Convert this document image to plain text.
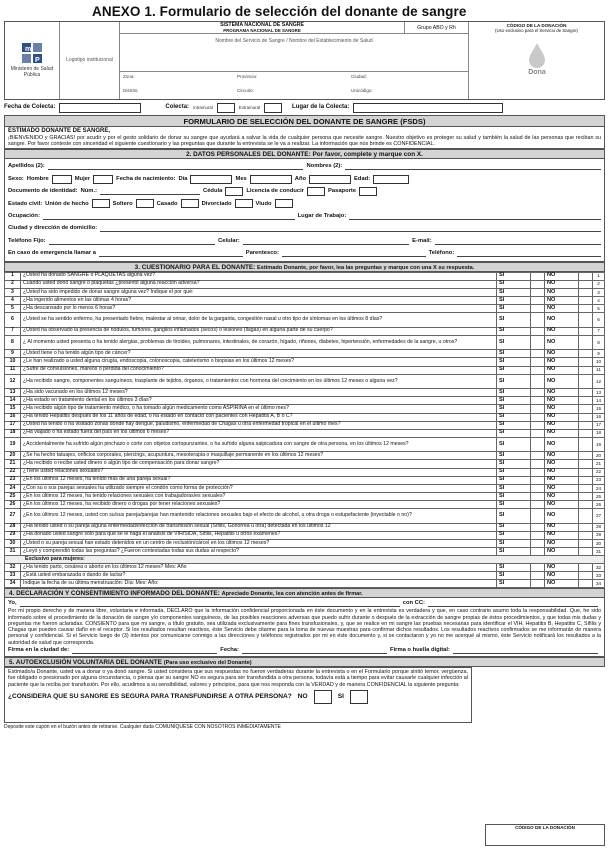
ANEXO 1. Formulario de selección del donante de sangre
m
P
Ministerio de Salud Pública
Logotipo institucional
SISTEMA NACIONAL DE SANGRE
PROGRAMA NACIONAL DE SANGRE	Grupo ABO y Rh
Nombre del Servicio de Sangre / Nombre del Establecimiento de Salud
Zona:	Provincia:	Ciudad:
Distrito:	Circuito:	Unicódigo:
CÓDIGO DE LA DONACIÓN
(Uso exclusivo para el Servicio de Sangre)
Dona
Fecha de Colecta:	Colecta: Intramural	Extramural	Lugar de la Colecta:
FORMULARIO DE SELECCIÓN DEL DONANTE DE SANGRE (FSDS)
ESTIMADO DONANTE DE SANGRE,
¡BIENVENIDO y GRACIAS! por acudir y por el gesto solidario de donar su sangre que ayudará a salvar la vida de cualquier persona que necesite sangre. Nuestro objetivo es proteger su salud y también la salud de las personas que reciban su sangre. Por favor conteste con sinceridad el siguiente cuestionario y las preguntas que durante la entrevista se le va a realizar. La información que nos brinde es CONFIDENCIAL.
2. DATOS PERSONALES DEL DONANTE: Por favor, complete y marque con X.
Apellidos (2):	Nombres (2):
Sexo: Hombre	Mujer	Fecha de nacimiento: Día	Mes	Año	Edad:
Documento de identidad: Núm.:	Cédula	Licencia de conducir	Pasaporte
Estado civil: Unión de hecho	Soltero	Casado	Divorciado	Viudo
Ocupación:	Lugar de Trabajo:
Ciudad y dirección de domicilio:
Teléfono Fijo:	Celular:	E-mail:
En caso de emergencia llamar a	Parentesco:	Teléfono:
3. CUESTIONARIO PARA EL DONANTE: Estimado Donante, por favor, lea las preguntas y marque con una X su respuesta.
1	¿Usted ha donado SANGRE o PLAQUETAS alguna vez?	SI		NO		1
2	Cuando usted donó sangre o plaquetas ¿presentó alguna reacción adversa?	SI		NO		2
3	¿Usted ha sido impedido de donar sangre alguna vez? Indique el por qué:	SI		NO		3
4	¿Ha ingerido alimentos en las últimas 4 horas?	SI		NO		4
5	¿Ha descansado por lo menos 6 horas?	SI		NO		5
6	¿Usted se ha sentido enfermo, ha presentado fiebre, malestar al orinar, dolor de la garganta, congestión nasal u otro tipo de síntomas en los últimos 8 días?	SI		NO		6
7	¿Usted ha observado la presencia de nódulos, tumores, ganglios inflamados (secos) o lesiones (llagas) en alguna parte de su cuerpo?	SI		NO		7
8	¿ Al momento usted presenta o ha tenido alergias, problemas de tiroides, pulmonares, intestinales, de corazón, hígado, riñones, diabetes, hipertensión, enfermedades de la sangre, u otros?	SI		NO		8
9	¿Usted tiene o ha tenido algún tipo de cáncer?	SI		NO		9
10	¿Le han realizado a usted alguna cirugía, endoscopia, colonoscopia, cateterismo o biopsias en los últimos 12 meses?	SI		NO		10
11	¿Sufre de convulsiones, mareos o pérdida del conocimiento?	SI		NO		11
12	¿Ha recibido sangre, componentes sanguíneos, trasplante de tejidos, órganos, o tratamientos con hormona del crecimiento en los últimos 12 meses o alguna vez?	SI		NO		12
13	¿Ha sido vacunado en los últimos 12 meses?	SI		NO		13
14	¿Ha estado en tratamiento dental en los últimos 3 días?	SI		NO		14
15	¿Ha recibido algún tipo de tratamiento médico, o ha tomado algún medicamento como ASPIRINA en el último mes?	SI		NO		15
16	¿Ha tenido Hepatitis después de los 11 años de edad, o ha estado en contacto con pacientes con Hepatitis A, B o C?	SI		NO		16
17	¿Usted ha tenido o ha visitado zonas donde hay dengue, paludismo, enfermedad de Chagas u otra enfermedad tropical en el último mes?	SI		NO		17
18	¿Ha viajado o ha estado fuera del país en los últimos 6 meses?	SI		NO		18
19	¿Accidentalmente ha sufrido algún pinchazo o corte con objetos cortopunzantes, o ha sufrido alguna salpicadura con sangre de otra persona, en los últimos 12 meses?	SI		NO		19
20	¿Se ha hecho tatuajes, orificios corporales, piercings, acupuntura, mesoterapia o maquillaje permanente en los últimos 12 meses?	SI		NO		20
21	¿Ha recibido o recibe usted dinero o algún tipo de compensación para donar sangre?	SI		NO		21
22	¿Tiene usted relaciones sexuales?	SI		NO		22
23	¿En los últimos 12 meses, ha tenido más de una pareja sexual?	SI		NO		23
24	¿Con su o sus parejas sexuales ha utilizado siempre el condón como forma de protección?	SI		NO		24
25	¿En los últimos 12 meses, ha tenido relaciones sexuales con trabajadoras/es sexuales?	SI		NO		25
26	¿En los últimos 12 meses, ha recibido dinero o drogas por tener relaciones sexuales?	SI		NO		26
27	¿En los últimos 12 meses, usted con su/sus pareja/parejas han mantenido relaciones sexuales bajo el efecto de alcohol, u otra droga o estupefaciente (inyectable o no)?	SI		NO		27
28	¿Ha tenido usted o su pareja alguna enfermedad/infección de transmisión sexual (Sífilis, Gonorrea u otra) detectada en los últimos 12	SI		NO		28
29	¿Ha donado usted sangre sólo para que se le haga el análisis de VIH/SIDA, Sífilis, Hepatitis u otros exámenes?	SI		NO		29
30	¿Usted o su pareja sexual han estado detenidos en un centro de reclusión/cárcel en los últimos 12 meses?	SI		NO		30
31	¿Leyó y comprendió todas las preguntas? ¿Fueron contestadas todas sus dudas al respecto?	SI		NO		31
Exclusivo para mujeres:						
32	¿Ha tenido parto, cesárea o aborto en los últimos 12 meses? Mes: Año	SI		NO		32
33	¿Está usted embarazada o dando de lactar?	SI		NO		33
34	Indique la fecha de su última menstruación: Día: Mes: Año:	SI		NO		34
4. DECLARACIÓN Y CONSENTIMIENTO INFORMADO DEL DONANTE: Apreciado Donante, lea con atención antes de firmar.
Yo,	con CC:
Por mi propio derecho y de manera libre, voluntaria e informada, DECLARO que la información confidencial proporcionada en éste documento y en la entrevista es verdadera y que, en caso contrario asumo toda la responsabilidad. Que, he sido informado sobre el procedimiento de la donación de sangre y/o componentes sanguíneos, de las posibles reacciones adversas que puedo sufrir durante o después de la extracción de sangre propias de éstos procedimientos, y que todas mis dudas y preguntas me fueron aclaradas. CONSIENTO para que mi sangre, a título gratuito, sea utilizada exclusivamente para fines transfusionales, y, que se realice en mi sangre las pruebas necesarias para identificar el VIH, Hepatitis B, Hepatitis C, Sífilis y Chagas que pueden causar daño en el receptor. Si los resultados resultan reactivos, éste Servicio debe citarme para la toma de nuevas muestras para confirmar dichos resultados. Los resultados reactivos confirmados se me informarán de manera personal y confidencial. Si el Servicio luego de (3) intentos por comunicarse conmigo a las direcciones y teléfonos registrados por mi en éste documento y, si se contactaron y yo no me acerqué al mismo, éste Servicio notificará los resultados a la autoridad de salud que corresponda.
Firma en la ciudad de:	Fecha:	Firma o huella digital:
5. AUTOEXCLUSIÓN VOLUNTARIA DEL DONANTE (Para uso exclusivo del Donante)
Estimado/a Donante, usted va a donar o ya donó sangre. Si usted considera que sus respuestas no fueron verdaderas durante la entrevista o en el Formulario porque sintió temor, vergüenza, fue obligado o presionado por alguna circunstancia, o piensa que su sangre NO es segura para ser transfundida a otra persona, todavía está a tiempo para evitar causarle cualquier infección al paciente que la reciba por transfusión. Por ello, acudimos a su sensibilidad, valores y principios, para que nos responda con la VERDAD y de manera CONFIDENCIAL la siguiente pregunta:
¿CONSIDERA QUE SU SANGRE ES SEGURA PARA TRANSFUNDIRSE A OTRA PERSONA? NO	SI
Deposite este cupón en el buzón antes de retirarse. Cualquier duda COMUNÍQUESE CON NOSOTROS INMEDIATAMENTE
CÓDIGO DE LA DONACIÓN
